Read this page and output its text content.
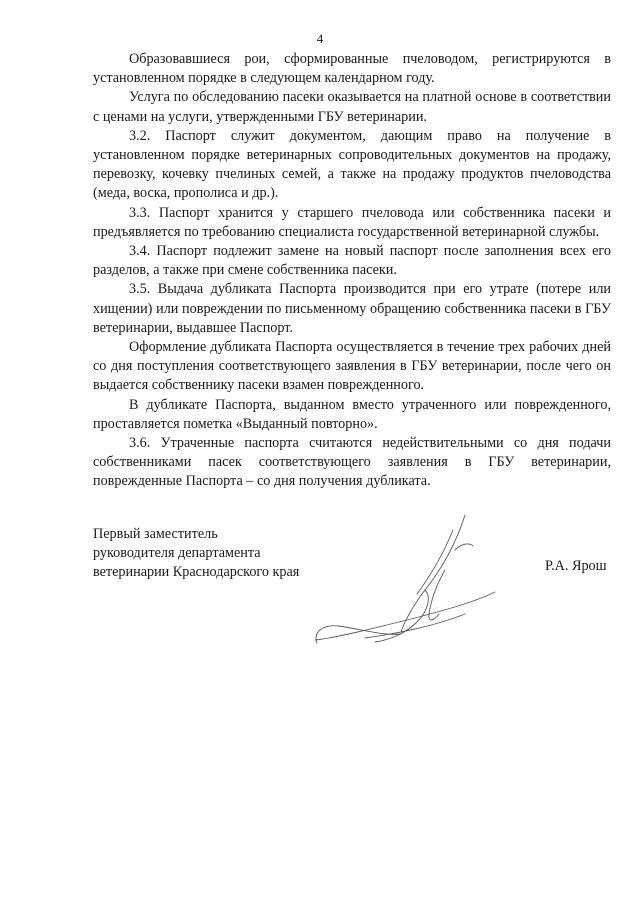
4

Образовавшиеся рои, сформированные пчеловодом, регистрируются в установленном порядке в следующем календарном году.

Услуга по обследованию пасеки оказывается на платной основе в соответствии с ценами на услуги, утвержденными ГБУ ветеринарии.

3.2. Паспорт служит документом, дающим право на получение в установленном порядке ветеринарных сопроводительных документов на продажу, перевозку, кочевку пчелиных семей, а также на продажу продуктов пчеловодства (меда, воска, прополиса и др.).

3.3. Паспорт хранится у старшего пчеловода или собственника пасеки и предъявляется по требованию специалиста государственной ветеринарной службы.

3.4. Паспорт подлежит замене на новый паспорт после заполнения всех его разделов, а также при смене собственника пасеки.

3.5. Выдача дубликата Паспорта производится при его утрате (потере или хищении) или повреждении по письменному обращению собственника пасеки в ГБУ ветеринарии, выдавшее Паспорт.

Оформление дубликата Паспорта осуществляется в течение трех рабочих дней со дня поступления соответствующего заявления в ГБУ ветеринарии, после чего он выдается собственнику пасеки взамен поврежденного.

В дубликате Паспорта, выданном вместо утраченного или поврежденного, проставляется пометка «Выданный повторно».

3.6. Утраченные паспорта считаются недействительными со дня подачи собственниками пасек соответствующего заявления в ГБУ ветеринарии, поврежденные Паспорта – со дня получения дубликата.

Первый заместитель
руководителя департамента
ветеринарии Краснодарского края	Р.А. Ярош
